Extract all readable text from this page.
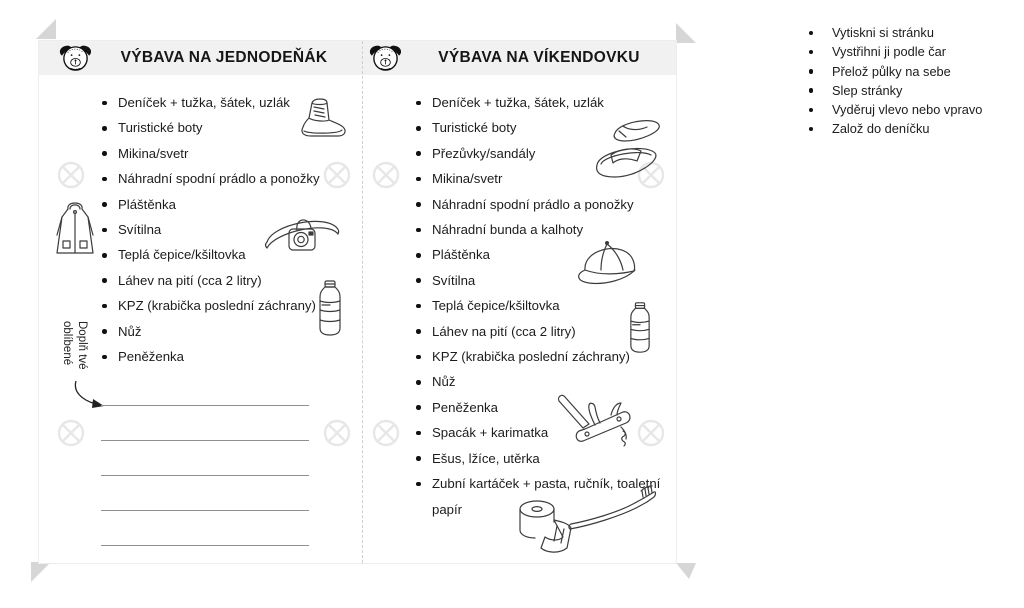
VÝBAVA NA JEDNODEŇÁK
Deníček + tužka, šátek, uzlák
Turistické boty
Mikina/svetr
Náhradní spodní prádlo a ponožky
Pláštěnka
Svítilna
Teplá čepice/kšiltovka
Láhev na pití (cca 2 litry)
KPZ (krabička poslední záchrany)
Nůž
Peněženka
Doplň tvé
oblíbené
VÝBAVA NA VÍKENDOVKU
Deníček + tužka, šátek, uzlák
Turistické boty
Přezůvky/sandály
Mikina/svetr
Náhradní spodní prádlo a ponožky
Náhradní bunda a kalhoty
Pláštěnka
Svítilna
Teplá čepice/kšiltovka
Láhev na pití (cca 2 litry)
KPZ (krabička poslední záchrany)
Nůž
Peněženka
Spacák + karimatka
Ešus, lžíce, utěrka
Zubní kartáček + pasta, ručník, toaletní papír
Vytiskni si stránku
Vystřihni ji podle čar
Přelož půlky na sebe
Slep stránky
Vyděruj vlevo nebo vpravo
Založ do deníčku
